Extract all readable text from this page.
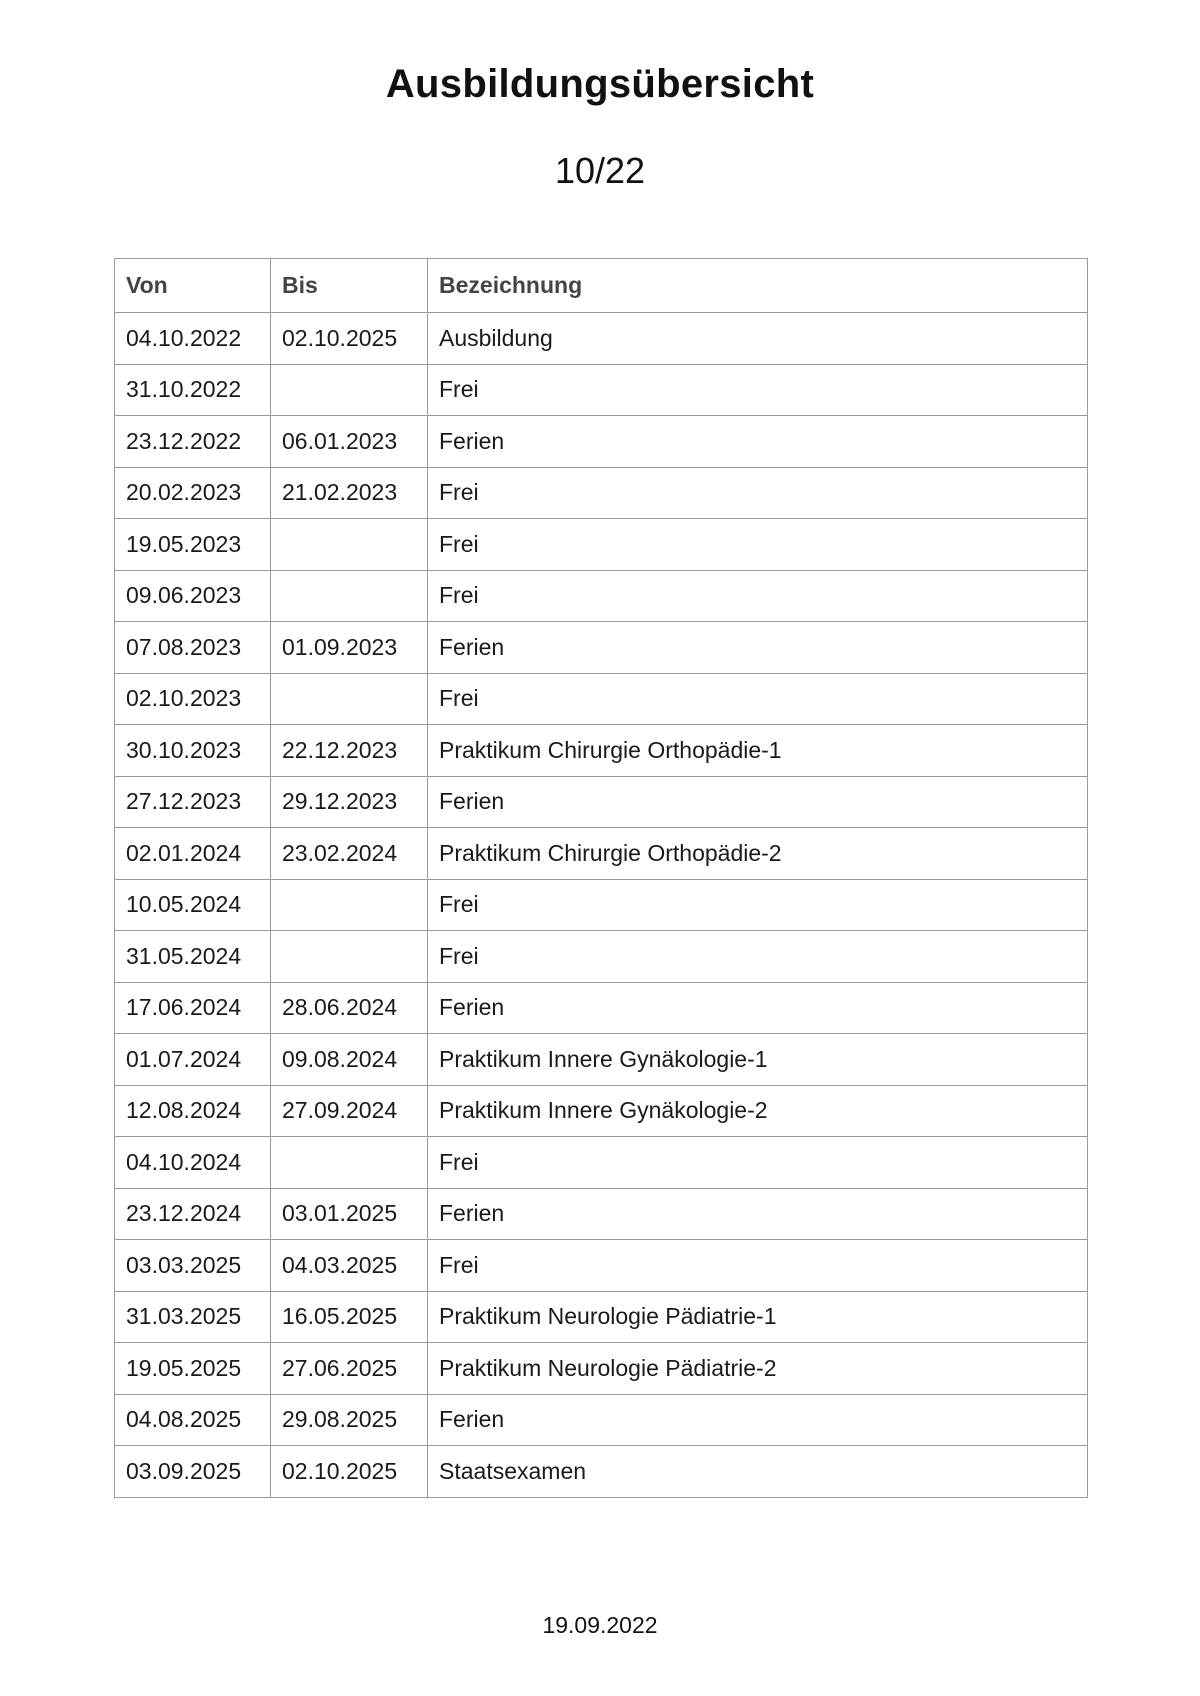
Ausbildungsübersicht
10/22
Von	Bis	Bezeichnung
04.10.2022	02.10.2025	Ausbildung
31.10.2022		Frei
23.12.2022	06.01.2023	Ferien
20.02.2023	21.02.2023	Frei
19.05.2023		Frei
09.06.2023		Frei
07.08.2023	01.09.2023	Ferien
02.10.2023		Frei
30.10.2023	22.12.2023	Praktikum Chirurgie Orthopädie-1
27.12.2023	29.12.2023	Ferien
02.01.2024	23.02.2024	Praktikum Chirurgie Orthopädie-2
10.05.2024		Frei
31.05.2024		Frei
17.06.2024	28.06.2024	Ferien
01.07.2024	09.08.2024	Praktikum Innere Gynäkologie-1
12.08.2024	27.09.2024	Praktikum Innere Gynäkologie-2
04.10.2024		Frei
23.12.2024	03.01.2025	Ferien
03.03.2025	04.03.2025	Frei
31.03.2025	16.05.2025	Praktikum Neurologie Pädiatrie-1
19.05.2025	27.06.2025	Praktikum Neurologie Pädiatrie-2
04.08.2025	29.08.2025	Ferien
03.09.2025	02.10.2025	Staatsexamen
19.09.2022
